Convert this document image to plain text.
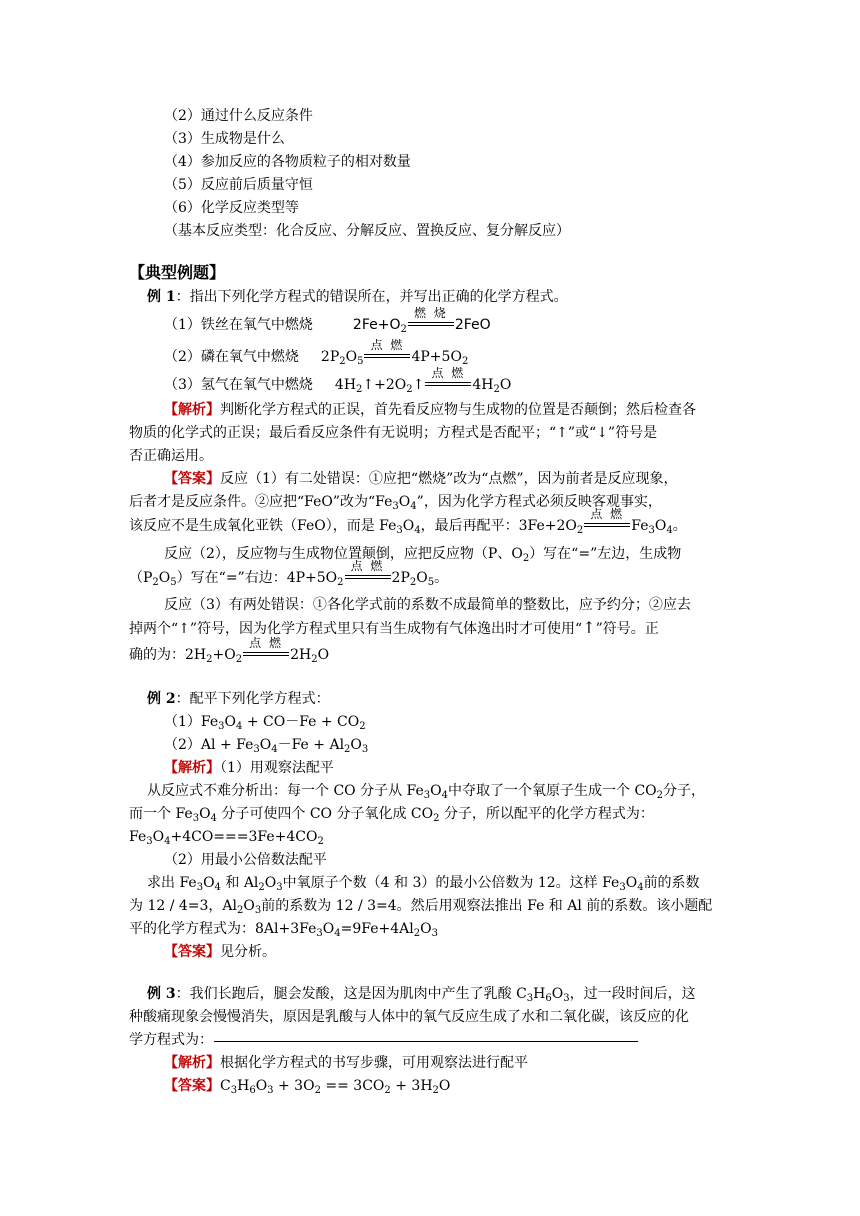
（2）通过什么反应条件
（3）生成物是什么
（4）参加反应的各物质粒子的相对数量
（5）反应前后质量守恒
（6）化学反应类型等
（基本反应类型：化合反应、分解反应、置换反应、复分解反应）
【典型例题】
例 1：指出下列化学方程式的错误所在，并写出正确的化学方程式。
（1）铁丝在氧气中燃烧	$2Fe+O_2$
燃 烧
2FeO
（2）磷在氧气中燃烧 $2P_2O_5$
点 燃
$4P+5O_2$
（3）氢气在氧气中燃烧 $4H_2↑+2O_2↑$
点 燃
$4H_2O$
【解析】判断化学方程式的正误，首先看反应物与生成物的位置是否颠倒；然后检查各
物质的化学式的正误；最后看反应条件有无说明；方程式是否配平；“↑”或“↓”符号是
否正确运用。
【答案】反应（1）有二处错误：①应把“燃烧”改为“点燃”，因为前者是反应现象，
后者才是反应条件。②应把“FeO”改为“$Fe_3O_4$”，因为化学方程式必须反映客观事实，
该反应不是生成氧化亚铁（FeO），而是 $Fe_3O_4$，最后再配平：$3Fe+2O_2$
点 燃
$Fe_3O_4$。
反应（2），反应物与生成物位置颠倒，应把反应物（P、$O_2$）写在“=”左边，生成物
$(P_2O_5)$写在“=”右边：$4P+5O_2$
点 燃
$2P_2O_5$。
反应（3）有两处错误：①各化学式前的系数不成最简单的整数比，应予约分；②应去
掉两个“↑”符号，因为化学方程式里只有当生成物有气体逸出时才可使用“↑”符号。正
确的为：$2H_2+O_2$
点 燃
$2H_2O$
例 2：配平下列化学方程式：
$(1)Fe_3O_4 + CO-Fe + CO_2$
$(2)Al + Fe_3O_4-Fe + Al_2O_3$
【解析】（1）用观察法配平
从反应式不难分析出：每一个 CO 分子从 $Fe_3O_4$中夺取了一个氧原子生成一个 $CO_2$分子，
而一个 $Fe_3O_4$ 分子可使四个 CO 分子氧化成 $CO_2$ 分子，所以配平的化学方程式为：
$Fe_3O_4+4CO===3Fe+4CO_2$
（2）用最小公倍数法配平
求出 $Fe_3O_4$ 和 $Al_2O_3$中氧原子个数（4 和 3）的最小公倍数为 12。这样 $Fe_3O_4$前的系数
为 12 / 4=3，$Al_2O_3$前的系数为 12 / 3=4。然后用观察法推出 Fe 和 Al 前的系数。该小题配
平的化学方程式为：$8Al+3Fe_3O_4=9Fe+4Al_2O_3$
【答案】见分析。
例 3：我们长跑后，腿会发酸，这是因为肌肉中产生了乳酸 $C_3H_6O_3$，过一段时间后，这
种酸痛现象会慢慢消失，原因是乳酸与人体中的氧气反应生成了水和二氧化碳，该反应的化
学方程式为：
【解析】根据化学方程式的书写步骤，可用观察法进行配平
【答案】$C_3H_6O_3 + 3O_2 == 3CO_2 + 3H_2O$
